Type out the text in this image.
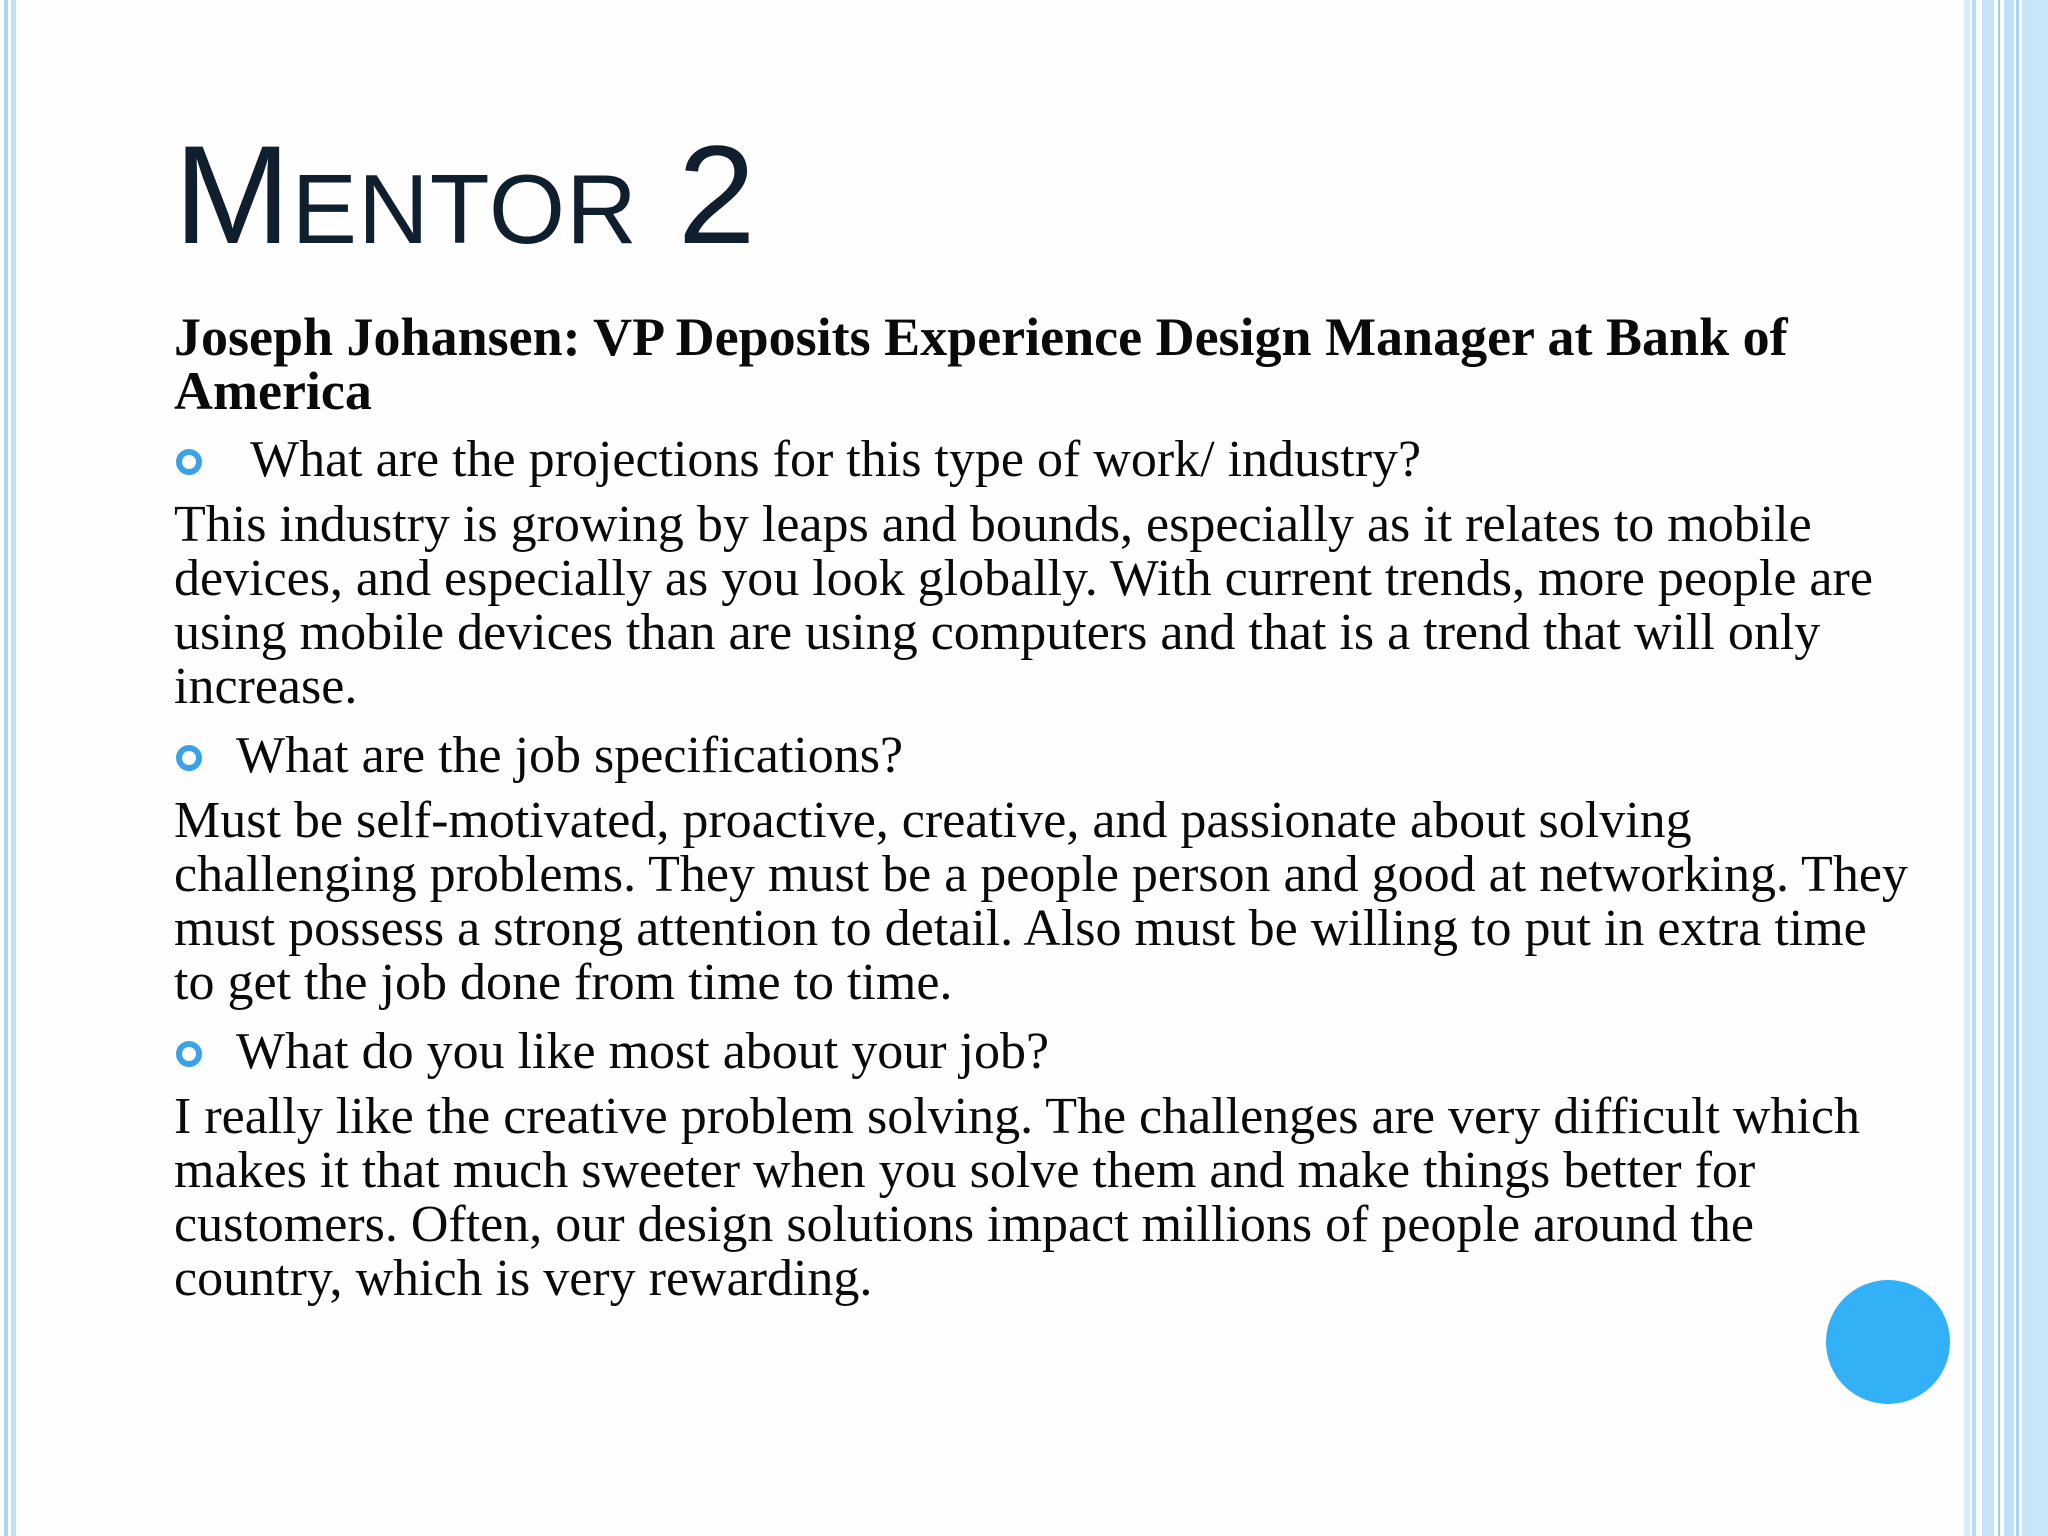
Mentor 2

Joseph Johansen: VP Deposits Experience Design Manager at Bank of America

What are the projections for this type of work/ industry?

This industry is growing by leaps and bounds, especially as it relates to mobile devices, and especially as you look globally. With current trends, more people are using mobile devices than are using computers and that is a trend that will only increase.

What are the job specifications?

Must be self-motivated, proactive, creative, and passionate about solving challenging problems. They must be a people person and good at networking. They must possess a strong attention to detail. Also must be willing to put in extra time to get the job done from time to time.

What do you like most about your job?

I really like the creative problem solving. The challenges are very difficult which makes it that much sweeter when you solve them and make things better for customers. Often, our design solutions impact millions of people around the country, which is very rewarding.
